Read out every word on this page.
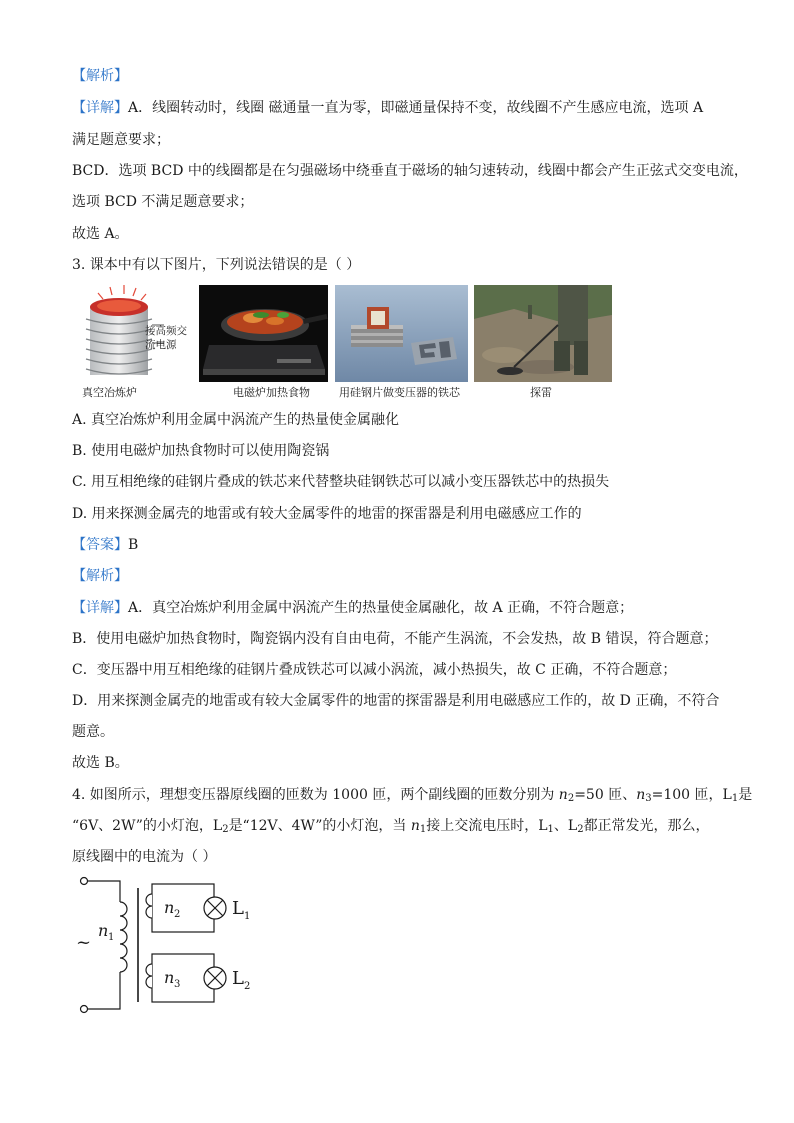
【解析】
【详解】A．线圈转动时，线圈 磁通量一直为零，即磁通量保持不变，故线圈不产生感应电流，选项 A
满足题意要求；
BCD．选项 BCD 中的线圈都是在匀强磁场中绕垂直于磁场的轴匀速转动，线圈中都会产生正弦式交变电流，
选项 BCD 不满足题意要求；
故选 A。
3. 课本中有以下图片，下列说法错误的是（ ）
接高频交
流电源
真空冶炼炉	电磁炉加热食物	用硅钢片做变压器的铁芯	探雷
A. 真空冶炼炉利用金属中涡流产生的热量使金属融化
B. 使用电磁炉加热食物时可以使用陶瓷锅
C. 用互相绝缘的硅钢片叠成的铁芯来代替整块硅钢铁芯可以减小变压器铁芯中的热损失
D. 用来探测金属壳的地雷或有较大金属零件的地雷的探雷器是利用电磁感应工作的
【答案】B
【解析】
【详解】A．真空冶炼炉利用金属中涡流产生的热量使金属融化，故 A 正确，不符合题意；
B．使用电磁炉加热食物时，陶瓷锅内没有自由电荷，不能产生涡流，不会发热，故 B 错误，符合题意；
C．变压器中用互相绝缘的硅钢片叠成铁芯可以减小涡流，减小热损失，故 C 正确，不符合题意；
D．用来探测金属壳的地雷或有较大金属零件的地雷的探雷器是利用电磁感应工作的，故 D 正确，不符合
题意。
故选 B。
4. 如图所示，理想变压器原线圈的匝数为 1000 匝，两个副线圈的匝数分别为 $n_2=50$ 匝、$n_3=100$ 匝，$L_1$是
“6V、2W”的小灯泡，$L_2$是“12V、4W”的小灯泡，当 $n_1$接上交流电压时，$L_1$、$L_2$都正常发光，那么，
原线圈中的电流为（ ）
~
n 1
n 2
n 3
L 1
L 2
